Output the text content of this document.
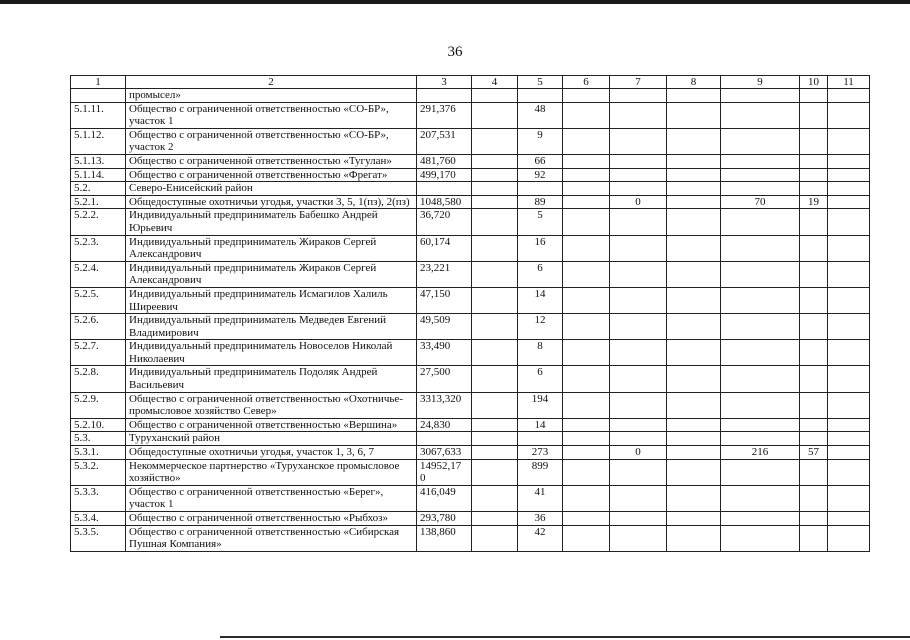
36
1	2	3	4	5	6	7	8	9	10	11
	промысел»									
5.1.11.	Общество с ограниченной ответственностью «СО-БР», участок 1	291,376		48						
5.1.12.	Общество с ограниченной ответственностью «СО-БР», участок 2	207,531		9						
5.1.13.	Общество с ограниченной ответственностью «Тугулан»	481,760		66						
5.1.14.	Общество с ограниченной ответственностью «Фрегат»	499,170		92						
5.2.	Северо-Енисейский район									
5.2.1.	Общедоступные охотничьи угодья, участки 3, 5, 1(пз), 2(пз)	1048,580		89		0		70	19	
5.2.2.	Индивидуальный предприниматель Бабешко Андрей Юрьевич	36,720		5						
5.2.3.	Индивидуальный предприниматель Жираков Сергей Александрович	60,174		16						
5.2.4.	Индивидуальный предприниматель Жираков Сергей Александрович	23,221		6						
5.2.5.	Индивидуальный предприниматель Исмагилов Халиль Ширеевич	47,150		14						
5.2.6.	Индивидуальный предприниматель Медведев Евгений Владимирович	49,509		12						
5.2.7.	Индивидуальный предприниматель Новоселов Николай Николаевич	33,490		8						
5.2.8.	Индивидуальный предприниматель Подоляк Андрей Васильевич	27,500		6						
5.2.9.	Общество с ограниченной ответственностью «Охотничье-промысловое хозяйство Север»	3313,320		194						
5.2.10.	Общество с ограниченной ответственностью «Вершина»	24,830		14						
5.3.	Туруханский район									
5.3.1.	Общедоступные охотничьи угодья, участок 1, 3, 6, 7	3067,633		273		0		216	57	
5.3.2.	Некоммерческое партнерство «Туруханское промысловое хозяйство»	14952,17 0		899						
5.3.3.	Общество с ограниченной ответственностью «Берег», участок 1	416,049		41						
5.3.4.	Общество с ограниченной ответственностью «Рыбхоз»	293,780		36						
5.3.5.	Общество с ограниченной ответственностью «Сибирская Пушная Компания»	138,860		42						
